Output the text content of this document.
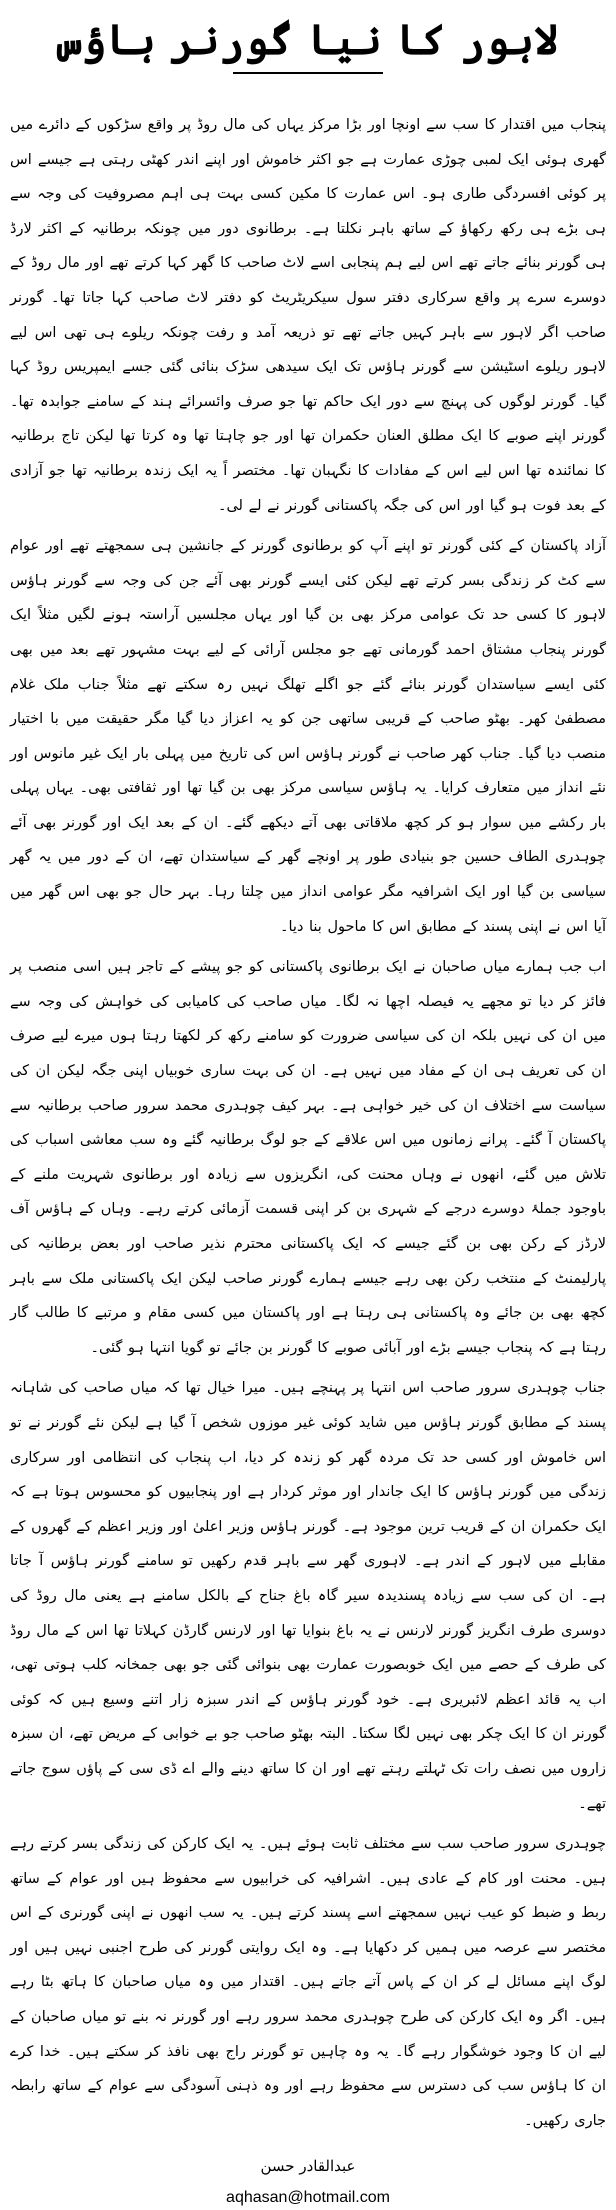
لاہور کا نیا گورنر ہاؤس

پنجاب میں اقتدار کا سب سے اونچا اور بڑا مرکز یہاں کی مال روڈ پر واقع سڑکوں کے دائرے میں گھری ہوئی ایک لمبی چوڑی عمارت ہے جو اکثر خاموش اور اپنے اندر کھٹی رہتی ہے جیسے اس پر کوئی افسردگی طاری ہو۔ اس عمارت کا مکین کسی بہت ہی اہم مصروفیت کی وجہ سے ہی بڑے ہی رکھ رکھاؤ کے ساتھ باہر نکلتا ہے۔ برطانوی دور میں چونکہ برطانیہ کے اکثر لارڈ ہی گورنر بنائے جاتے تھے اس لیے ہم پنجابی اسے لاٹ صاحب کا گھر کہا کرتے تھے اور مال روڈ کے دوسرے سرے پر واقع سرکاری دفتر سول سیکریٹریٹ کو دفتر لاٹ صاحب کہا جاتا تھا۔ گورنر صاحب اگر لاہور سے باہر کہیں جاتے تھے تو ذریعہ آمد و رفت چونکہ ریلوے ہی تھی اس لیے لاہور ریلوے اسٹیشن سے گورنر ہاؤس تک ایک سیدھی سڑک بنائی گئی جسے ایمپریس روڈ کہا گیا۔ گورنر لوگوں کی پہنچ سے دور ایک حاکم تھا جو صرف وائسرائے ہند کے سامنے جوابدہ تھا۔ گورنر اپنے صوبے کا ایک مطلق العنان حکمران تھا اور جو چاہتا تھا وہ کرتا تھا لیکن تاج برطانیہ کا نمائندہ تھا اس لیے اس کے مفادات کا نگہبان تھا۔ مختصر اً یہ ایک زندہ برطانیہ تھا جو آزادی کے بعد فوت ہو گیا اور اس کی جگہ پاکستانی گورنر نے لے لی۔

آزاد پاکستان کے کئی گورنر تو اپنے آپ کو برطانوی گورنر کے جانشین ہی سمجھتے تھے اور عوام سے کٹ کر زندگی بسر کرتے تھے لیکن کئی ایسے گورنر بھی آئے جن کی وجہ سے گورنر ہاؤس لاہور کا کسی حد تک عوامی مرکز بھی بن گیا اور یہاں مجلسیں آراستہ ہونے لگیں مثلاً ایک گورنر پنجاب مشتاق احمد گورمانی تھے جو مجلس آرائی کے لیے بہت مشہور تھے بعد میں بھی کئی ایسے سیاستدان گورنر بنائے گئے جو اگلے تھلگ نہیں رہ سکتے تھے مثلاً جناب ملک غلام مصطفیٰ کھر۔ بھٹو صاحب کے قریبی ساتھی جن کو یہ اعزاز دیا گیا مگر حقیقت میں با اختیار منصب دیا گیا۔ جناب کھر صاحب نے گورنر ہاؤس اس کی تاریخ میں پہلی بار ایک غیر مانوس اور نئے انداز میں متعارف کرایا۔ یہ ہاؤس سیاسی مرکز بھی بن گیا تھا اور ثقافتی بھی۔ یہاں پہلی بار رکشے میں سوار ہو کر کچھ ملاقاتی بھی آتے دیکھے گئے۔ ان کے بعد ایک اور گورنر بھی آئے چوہدری الطاف حسین جو بنیادی طور پر اونچے گھر کے سیاستدان تھے، ان کے دور میں یہ گھر سیاسی بن گیا اور ایک اشرافیہ مگر عوامی انداز میں چلتا رہا۔ بہر حال جو بھی اس گھر میں آیا اس نے اپنی پسند کے مطابق اس کا ماحول بنا دیا۔

اب جب ہمارے میاں صاحبان نے ایک برطانوی پاکستانی کو جو پیشے کے تاجر ہیں اسی منصب پر فائز کر دیا تو مجھے یہ فیصلہ اچھا نہ لگا۔ میاں صاحب کی کامیابی کی خواہش کی وجہ سے میں ان کی نہیں بلکہ ان کی سیاسی ضرورت کو سامنے رکھ کر لکھتا رہتا ہوں میرے لیے صرف ان کی تعریف ہی ان کے مفاد میں نہیں ہے۔ ان کی بہت ساری خوبیاں اپنی جگہ لیکن ان کی سیاست سے اختلاف ان کی خیر خواہی ہے۔ بہر کیف چوہدری محمد سرور صاحب برطانیہ سے پاکستان آ گئے۔ پرانے زمانوں میں اس علاقے کے جو لوگ برطانیہ گئے وہ سب معاشی اسباب کی تلاش میں گئے، انھوں نے وہاں محنت کی، انگریزوں سے زیادہ اور برطانوی شہریت ملنے کے باوجود جملۂ دوسرے درجے کے شہری بن کر اپنی قسمت آزمائی کرتے رہے۔ وہاں کے ہاؤس آف لارڈز کے رکن بھی بن گئے جیسے کہ ایک پاکستانی محترم نذیر صاحب اور بعض برطانیہ کی پارلیمنٹ کے منتخب رکن بھی رہے جیسے ہمارے گورنر صاحب لیکن ایک پاکستانی ملک سے باہر کچھ بھی بن جائے وہ پاکستانی ہی رہتا ہے اور پاکستان میں کسی مقام و مرتبے کا طالب گار رہتا ہے کہ پنجاب جیسے بڑے اور آبائی صوبے کا گورنر بن جائے تو گویا انتہا ہو گئی۔

جناب چوہدری سرور صاحب اس انتہا پر پہنچے ہیں۔ میرا خیال تھا کہ میاں صاحب کی شاہانہ پسند کے مطابق گورنر ہاؤس میں شاید کوئی غیر موزوں شخص آ گیا ہے لیکن نئے گورنر نے تو اس خاموش اور کسی حد تک مردہ گھر کو زندہ کر دیا، اب پنجاب کی انتظامی اور سرکاری زندگی میں گورنر ہاؤس کا ایک جاندار اور موثر کردار ہے اور پنجابیوں کو محسوس ہوتا ہے کہ ایک حکمران ان کے قریب ترین موجود ہے۔ گورنر ہاؤس وزیر اعلیٰ اور وزیر اعظم کے گھروں کے مقابلے میں لاہور کے اندر ہے۔ لاہوری گھر سے باہر قدم رکھیں تو سامنے گورنر ہاؤس آ جاتا ہے۔ ان کی سب سے زیادہ پسندیدہ سیر گاہ باغ جناح کے بالکل سامنے ہے یعنی مال روڈ کی دوسری طرف انگریز گورنر لارنس نے یہ باغ بنوایا تھا اور لارنس گارڈن کہلاتا تھا اس کے مال روڈ کی طرف کے حصے میں ایک خوبصورت عمارت بھی بنوائی گئی جو بھی جمخانہ کلب ہوتی تھی، اب یہ قائد اعظم لائبریری ہے۔ خود گورنر ہاؤس کے اندر سبزہ زار اتنے وسیع ہیں کہ کوئی گورنر ان کا ایک چکر بھی نہیں لگا سکتا۔ البتہ بھٹو صاحب جو بے خوابی کے مریض تھے، ان سبزہ زاروں میں نصف رات تک ٹہلتے رہتے تھے اور ان کا ساتھ دینے والے اے ڈی سی کے پاؤں سوج جاتے تھے۔

چوہدری سرور صاحب سب سے مختلف ثابت ہوئے ہیں۔ یہ ایک کارکن کی زندگی بسر کرتے رہے ہیں۔ محنت اور کام کے عادی ہیں۔ اشرافیہ کی خرابیوں سے محفوظ ہیں اور عوام کے ساتھ ربط و ضبط کو عیب نہیں سمجھتے اسے پسند کرتے ہیں۔ یہ سب انھوں نے اپنی گورنری کے اس مختصر سے عرصہ میں ہمیں کر دکھایا ہے۔ وہ ایک روایتی گورنر کی طرح اجنبی نہیں ہیں اور لوگ اپنے مسائل لے کر ان کے پاس آتے جاتے ہیں۔ اقتدار میں وہ میاں صاحبان کا ہاتھ بٹا رہے ہیں۔ اگر وہ ایک کارکن کی طرح چوہدری محمد سرور رہے اور گورنر نہ بنے تو میاں صاحبان کے لیے ان کا وجود خوشگوار رہے گا۔ یہ وہ چاہیں تو گورنر راج بھی نافذ کر سکتے ہیں۔ خدا کرے ان کا ہاؤس سب کی دسترس سے محفوظ رہے اور وہ ذہنی آسودگی سے عوام کے ساتھ رابطہ جاری رکھیں۔

عبدالقادر حسن
aqhasan@hotmail.com
